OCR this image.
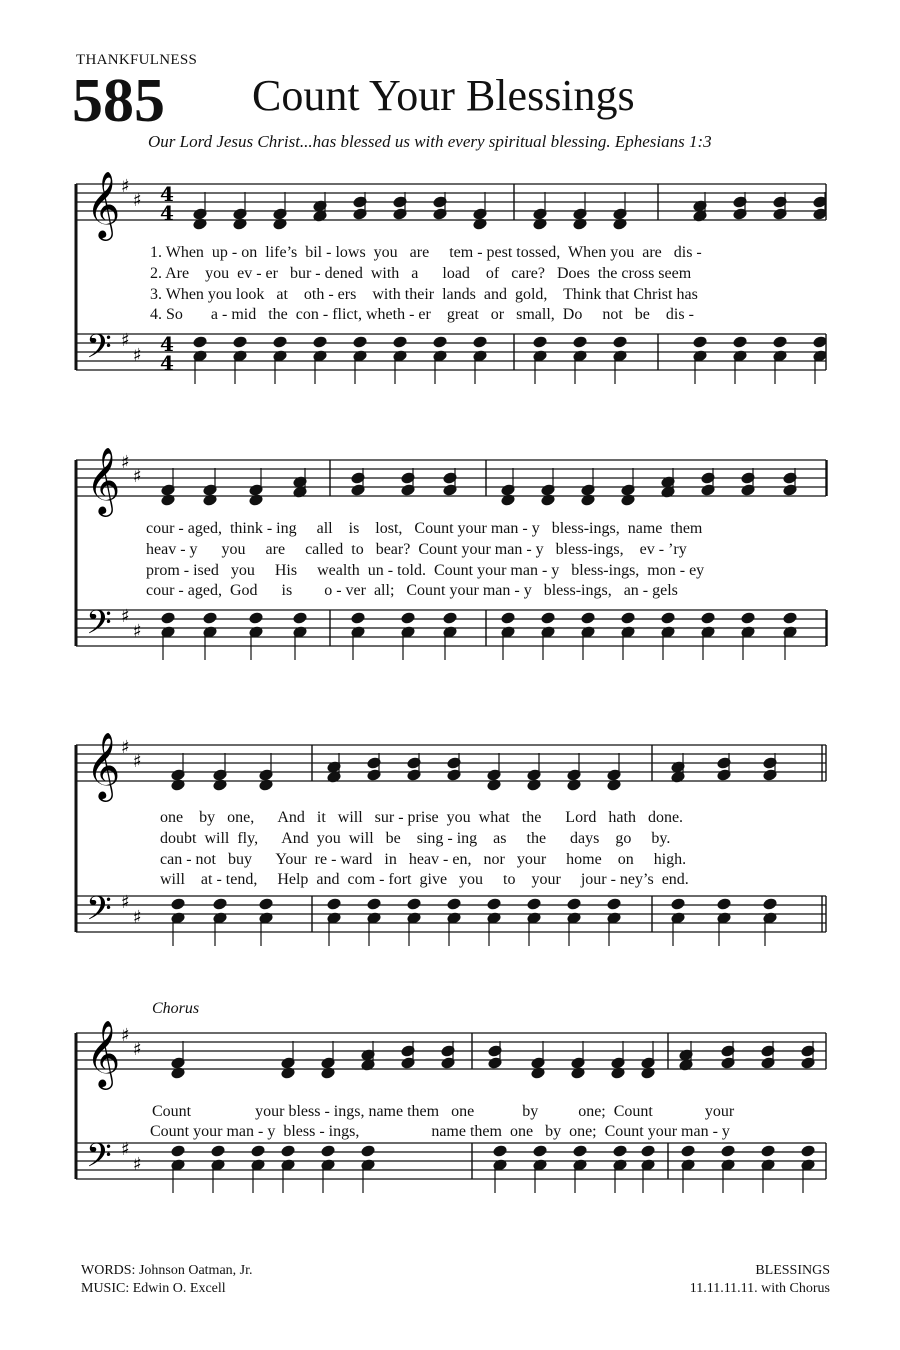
THANKFULNESS
585 Count Your Blessings
Our Lord Jesus Christ...has blessed us with every spiritual blessing. Ephesians 1:3
𝄞
𝄢
♯
♯
♯
♯
4
4
4
4
𝄞
𝄢
♯
♯
♯
♯
𝄞
𝄢
♯
♯
♯
♯
𝄞
𝄢
♯
♯
♯
♯
1. When  up - on  life’s  bil - lows  you   are     tem - pest tossed,  When you  are   dis -
2. Are    you  ev - er   bur - dened  with   a      load    of   care?   Does  the cross seem
3. When you look   at    oth - ers    with their  lands  and  gold,    Think that Christ has
4. So       a - mid   the  con - flict, wheth - er    great   or   small,  Do     not   be    dis -
cour - aged,  think - ing     all    is    lost,   Count your man - y   bless-ings,  name  them
heav - y      you     are     called  to   bear?  Count your man - y   bless-ings,    ev - ’ry
prom - ised   you     His     wealth  un - told.  Count your man - y   bless-ings,  mon - ey
cour - aged,  God      is        o - ver  all;   Count your man - y   bless-ings,   an - gels
one    by   one,      And   it   will   sur - prise  you  what   the      Lord   hath   done.
doubt  will  fly,      And  you  will   be    sing - ing    as     the      days    go     by.
can - not   buy      Your  re - ward   in   heav - en,   nor   your     home    on     high.
will    at - tend,     Help  and  com - fort  give   you     to    your     jour - ney’s  end.
Chorus
Count                your bless - ings, name them   one            by          one;  Count             your
Count your man - y  bless - ings,                  name them  one   by  one;  Count your man - y
WORDS: Johnson Oatman, Jr.
MUSIC: Edwin O. Excell
BLESSINGS
11.11.11.11. with Chorus
